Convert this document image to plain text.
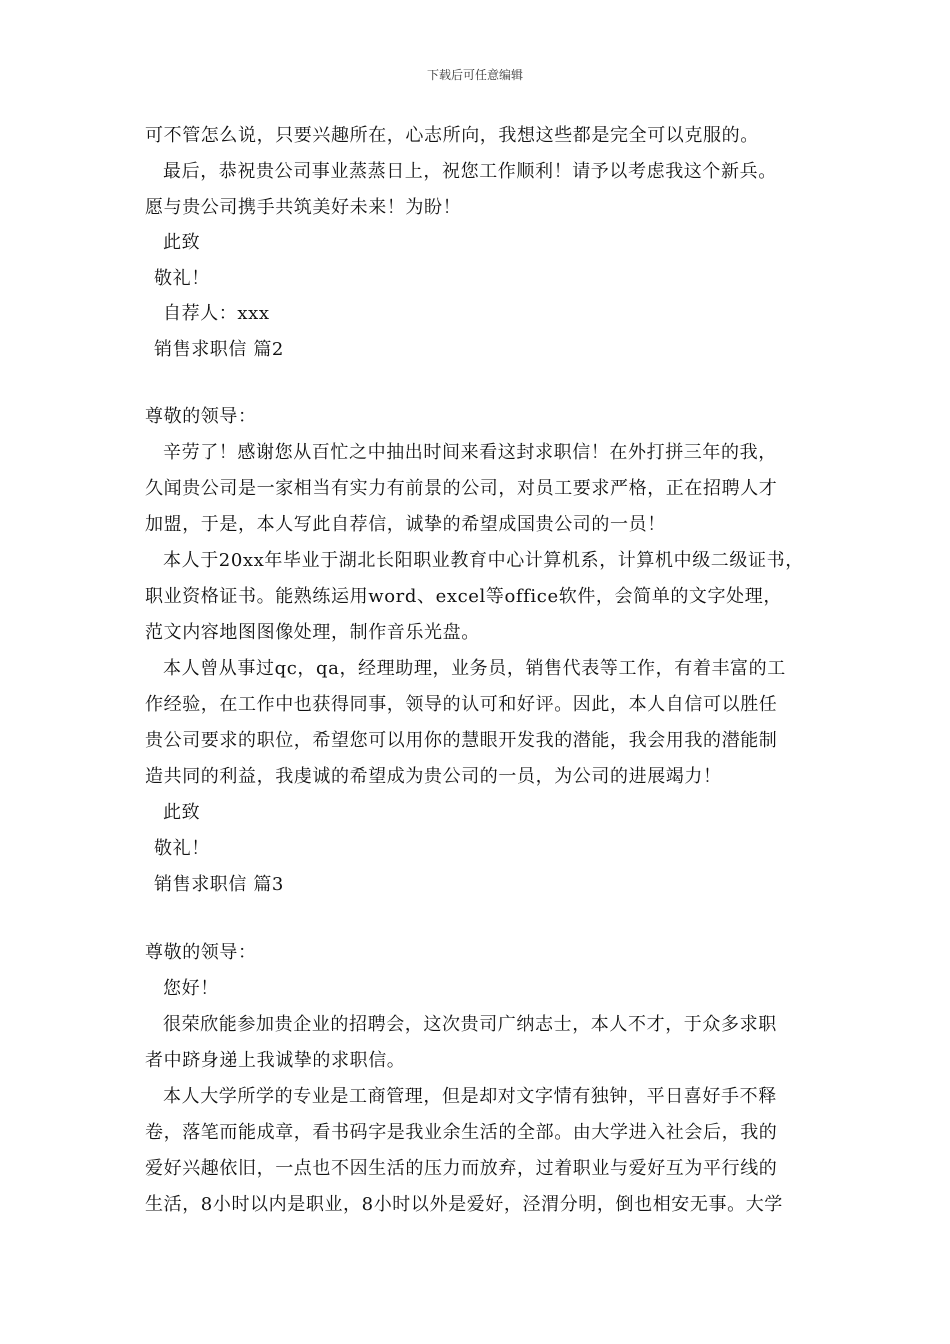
下载后可任意编辑
可不管怎么说，只要兴趣所在，心志所向，我想这些都是完全可以克服的。
最后，恭祝贵公司事业蒸蒸日上，祝您工作顺利！请予以考虑我这个新兵。
愿与贵公司携手共筑美好未来！为盼！
此致
敬礼！
自荐人：xxx
销售求职信 篇2
尊敬的领导：
辛劳了！感谢您从百忙之中抽出时间来看这封求职信！在外打拼三年的我，
久闻贵公司是一家相当有实力有前景的公司，对员工要求严格，正在招聘人才
加盟，于是，本人写此自荐信，诚挚的希望成国贵公司的一员！
本人于20xx年毕业于湖北长阳职业教育中心计算机系，计算机中级二级证书，
职业资格证书。能熟练运用word、excel等office软件，会简单的文字处理，
范文内容地图图像处理，制作音乐光盘。
本人曾从事过qc，qa，经理助理，业务员，销售代表等工作，有着丰富的工
作经验，在工作中也获得同事，领导的认可和好评。因此，本人自信可以胜任
贵公司要求的职位，希望您可以用你的慧眼开发我的潜能，我会用我的潜能制
造共同的利益，我虔诚的希望成为贵公司的一员，为公司的进展竭力！
此致
敬礼！
销售求职信 篇3
尊敬的领导：
您好！
很荣欣能参加贵企业的招聘会，这次贵司广纳志士，本人不才，于众多求职
者中跻身递上我诚挚的求职信。
本人大学所学的专业是工商管理，但是却对文字情有独钟，平日喜好手不释
卷，落笔而能成章，看书码字是我业余生活的全部。由大学进入社会后，我的
爱好兴趣依旧，一点也不因生活的压力而放弃，过着职业与爱好互为平行线的
生活，8小时以内是职业，8小时以外是爱好，泾渭分明，倒也相安无事。大学
